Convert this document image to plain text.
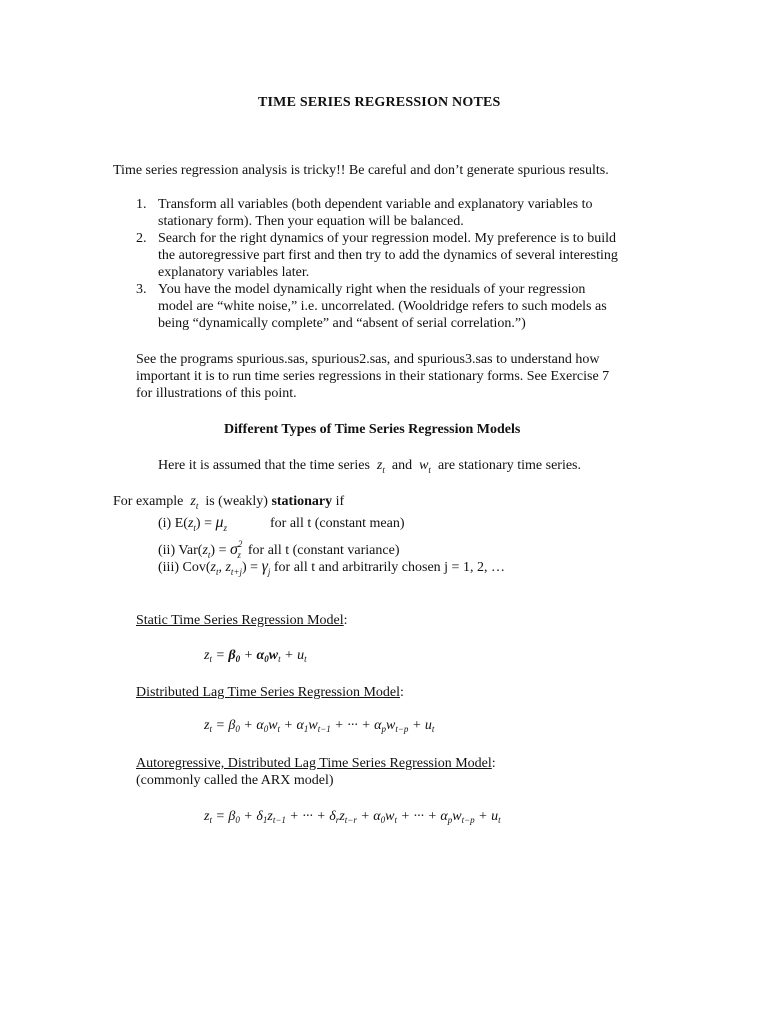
TIME SERIES REGRESSION NOTES
Time series regression analysis is tricky!! Be careful and don’t generate spurious results.
1. Transform all variables (both dependent variable and explanatory variables to
stationary form). Then your equation will be balanced.
2. Search for the right dynamics of your regression model. My preference is to build
the autoregressive part first and then try to add the dynamics of several interesting
explanatory variables later.
3. You have the model dynamically right when the residuals of your regression
model are “white noise,” i.e. uncorrelated. (Wooldridge refers to such models as
being “dynamically complete” and “absent of serial correlation.”)
See the programs spurious.sas, spurious2.sas, and spurious3.sas to understand how
important it is to run time series regressions in their stationary forms. See Exercise 7
for illustrations of this point.
Different Types of Time Series Regression Models
Here it is assumed that the time series $z_t$ and $w_t$ are stationary time series.
For example $z_t$ is (weakly) stationary if
(i) $E(z_t) = \mu_z$	for all t (constant mean)
(ii) $Var(z_t) = \sigma^2_z$ for all t (constant variance)
(iii) $Cov(z_t$, $z_{t+j}) = \gamma_j$ for all t and arbitrarily chosen j = 1, 2, …
Static Time Series Regression Model:
$z_t = \beta_0 + \alpha_0w_t + u_t$
Distributed Lag Time Series Regression Model:
$z_t = \beta_0 + \alpha_0w_t + \alpha_1w_{t-1}$ + ··· + $\alpha_pw_{t-p} + u_t$
Autoregressive, Distributed Lag Time Series Regression Model:
(commonly called the ARX model)
$z_t = \beta_0 + \delta_1z_{t-1}$ + ··· + $\delta_rz_{t-r} + \alpha_0w_t$ + ··· + $\alpha_pw_{t-p} + u_t$
